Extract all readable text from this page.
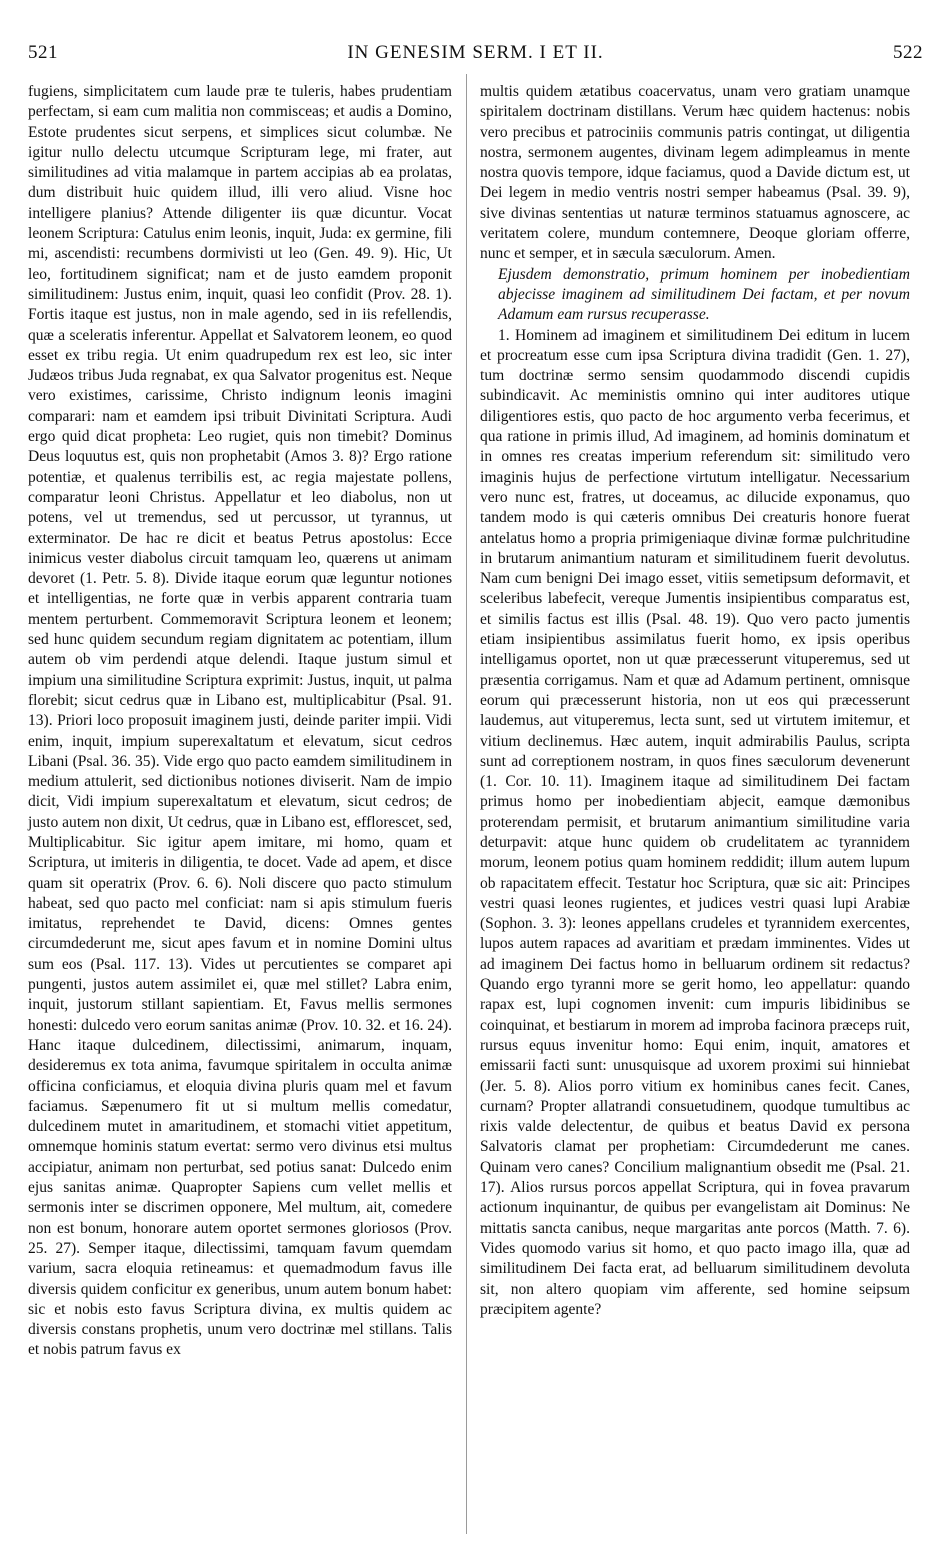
521	IN GENESIM SERM. I ET II.	522

fugiens, simplicitatem cum laude præ te tuleris, habes prudentiam perfectam, si eam cum malitia non commisceas; et audis a Domino, Estote prudentes sicut serpens, et simplices sicut columbæ. Ne igitur nullo delectu utcumque Scripturam lege, mi frater, aut similitudines ad vitia malamque in partem accipias ab ea prolatas, dum distribuit huic quidem illud, illi vero aliud. Visne hoc intelligere planius? Attende diligenter iis quæ dicuntur. Vocat leonem Scriptura: Catulus enim leonis, inquit, Juda: ex germine, fili mi, ascendisti: recumbens dormivisti ut leo (Gen. 49. 9). Hic, Ut leo, fortitudinem significat; nam et de justo eamdem proponit similitudinem: Justus enim, inquit, quasi leo confidit (Prov. 28. 1). Fortis itaque est justus, non in male agendo, sed in iis refellendis, quæ a sceleratis inferentur. Appellat et Salvatorem leonem, eo quod esset ex tribu regia. Ut enim quadrupedum rex est leo, sic inter Judæos tribus Juda regnabat, ex qua Salvator progenitus est. Neque vero existimes, carissime, Christo indignum leonis imagini comparari: nam et eamdem ipsi tribuit Divinitati Scriptura. Audi ergo quid dicat propheta: Leo rugiet, quis non timebit? Dominus Deus loquutus est, quis non prophetabit (Amos 3. 8)? Ergo ratione potentiæ, et qualenus terribilis est, ac regia majestate pollens, comparatur leoni Christus. Appellatur et leo diabolus, non ut potens, vel ut tremendus, sed ut percussor, ut tyrannus, ut exterminator. De hac re dicit et beatus Petrus apostolus: Ecce inimicus vester diabolus circuit tamquam leo, quærens ut animam devoret (1. Petr. 5. 8). Divide itaque eorum quæ leguntur notiones et intelligentias, ne forte quæ in verbis apparent contraria tuam mentem perturbent. Commemoravit Scriptura leonem et leonem; sed hunc quidem secundum regiam dignitatem ac potentiam, illum autem ob vim perdendi atque delendi. Itaque justum simul et impium una similitudine Scriptura exprimit: Justus, inquit, ut palma florebit; sicut cedrus quæ in Libano est, multiplicabitur (Psal. 91. 13). Priori loco proposuit imaginem justi, deinde pariter impii. Vidi enim, inquit, impium superexaltatum et elevatum, sicut cedros Libani (Psal. 36. 35). Vide ergo quo pacto eamdem similitudinem in medium attulerit, sed dictionibus notiones diviserit. Nam de impio dicit, Vidi impium superexaltatum et elevatum, sicut cedros; de justo autem non dixit, Ut cedrus, quæ in Libano est, efflorescet, sed, Multiplicabitur. Sic igitur apem imitare, mi homo, quam et Scriptura, ut imiteris in diligentia, te docet. Vade ad apem, et disce quam sit operatrix (Prov. 6. 6). Noli discere quo pacto stimulum habeat, sed quo pacto mel conficiat: nam si apis stimulum fueris imitatus, reprehendet te David, dicens: Omnes gentes circumdederunt me, sicut apes favum et in nomine Domini ultus sum eos (Psal. 117. 13). Vides ut percutientes se comparet api pungenti, justos autem assimilet ei, quæ mel stillet? Labra enim, inquit, justorum stillant sapientiam. Et, Favus mellis sermones honesti: dulcedo vero eorum sanitas animæ (Prov. 10. 32. et 16. 24). Hanc itaque dulcedinem, dilectissimi, animarum, inquam, desideremus ex tota anima, favumque spiritalem in occulta animæ officina conficiamus, et eloquia divina pluris quam mel et favum faciamus. Sæpenumero fit ut si multum mellis comedatur, dulcedinem mutet in amaritudinem, et stomachi vitiet appetitum, omnemque hominis statum evertat: sermo vero divinus etsi multus accipiatur, animam non perturbat, sed potius sanat: Dulcedo enim ejus sanitas animæ. Quapropter Sapiens cum vellet mellis et sermonis inter se discrimen opponere, Mel multum, ait, comedere non est bonum, honorare autem oportet sermones gloriosos (Prov. 25. 27). Semper itaque, dilectissimi, tamquam favum quemdam varium, sacra eloquia retineamus: et quemadmodum favus ille diversis quidem conficitur ex generibus, unum autem bonum habet: sic et nobis esto favus Scriptura divina, ex multis quidem ac diversis constans prophetis, unum vero doctrinæ mel stillans. Talis et nobis patrum favus ex

multis quidem ætatibus coacervatus, unam vero gratiam unamque spiritalem doctrinam distillans. Verum hæc quidem hactenus: nobis vero precibus et patrociniis communis patris contingat, ut diligentia nostra, sermonem augentes, divinam legem adimpleamus in mente nostra quovis tempore, idque faciamus, quod a Davide dictum est, ut Dei legem in medio ventris nostri semper habeamus (Psal. 39. 9), sive divinas sententias ut naturæ terminos statuamus agnoscere, ac veritatem colere, mundum contemnere, Deoque gloriam offerre, nunc et semper, et in sæcula sæculorum. Amen.

Ejusdem demonstratio, primum hominem per inobedientiam abjecisse imaginem ad similitudinem Dei factam, et per novum Adamum eam rursus recuperasse.

1. Hominem ad imaginem et similitudinem Dei editum in lucem et procreatum esse cum ipsa Scriptura divina tradidit (Gen. 1. 27), tum doctrinæ sermo sensim quodammodo discendi cupidis subindicavit. Ac meministis omnino qui inter auditores utique diligentiores estis, quo pacto de hoc argumento verba fecerimus, et qua ratione in primis illud, Ad imaginem, ad hominis dominatum et in omnes res creatas imperium referendum sit: similitudo vero imaginis hujus de perfectione virtutum intelligatur. Necessarium vero nunc est, fratres, ut doceamus, ac dilucide exponamus, quo tandem modo is qui cæteris omnibus Dei creaturis honore fuerat antelatus homo a propria primigeniaque divinæ formæ pulchritudine in brutarum animantium naturam et similitudinem fuerit devolutus. Nam cum benigni Dei imago esset, vitiis semetipsum deformavit, et sceleribus labefecit, vereque Jumentis insipientibus comparatus est, et similis factus est illis (Psal. 48. 19). Quo vero pacto jumentis etiam insipientibus assimilatus fuerit homo, ex ipsis operibus intelligamus oportet, non ut quæ præcesserunt vituperemus, sed ut præsentia corrigamus. Nam et quæ ad Adamum pertinent, omnisque eorum qui præcesserunt historia, non ut eos qui præcesserunt laudemus, aut vituperemus, lecta sunt, sed ut virtutem imitemur, et vitium declinemus. Hæc autem, inquit admirabilis Paulus, scripta sunt ad correptionem nostram, in quos fines sæculorum devenerunt (1. Cor. 10. 11). Imaginem itaque ad similitudinem Dei factam primus homo per inobedientiam abjecit, eamque dæmonibus proterendam permisit, et brutarum animantium similitudine varia deturpavit: atque hunc quidem ob crudelitatem ac tyrannidem morum, leonem potius quam hominem reddidit; illum autem lupum ob rapacitatem effecit. Testatur hoc Scriptura, quæ sic ait: Principes vestri quasi leones rugientes, et judices vestri quasi lupi Arabiæ (Sophon. 3. 3): leones appellans crudeles et tyrannidem exercentes, lupos autem rapaces ad avaritiam et prædam imminentes. Vides ut ad imaginem Dei factus homo in belluarum ordinem sit redactus? Quando ergo tyranni more se gerit homo, leo appellatur: quando rapax est, lupi cognomen invenit: cum impuris libidinibus se coinquinat, et bestiarum in morem ad improba facinora præceps ruit, rursus equus invenitur homo: Equi enim, inquit, amatores et emissarii facti sunt: unusquisque ad uxorem proximi sui hinniebat (Jer. 5. 8). Alios porro vitium ex hominibus canes fecit. Canes, curnam? Propter allatrandi consuetudinem, quodque tumultibus ac rixis valde delectentur, de quibus et beatus David ex persona Salvatoris clamat per prophetiam: Circumdederunt me canes. Quinam vero canes? Concilium malignantium obsedit me (Psal. 21. 17). Alios rursus porcos appellat Scriptura, qui in fovea pravarum actionum inquinantur, de quibus per evangelistam ait Dominus: Ne mittatis sancta canibus, neque margaritas ante porcos (Matth. 7. 6). Vides quomodo varius sit homo, et quo pacto imago illa, quæ ad similitudinem Dei facta erat, ad belluarum similitudinem devoluta sit, non altero quopiam vim afferente, sed homine seipsum præcipitem agente?
